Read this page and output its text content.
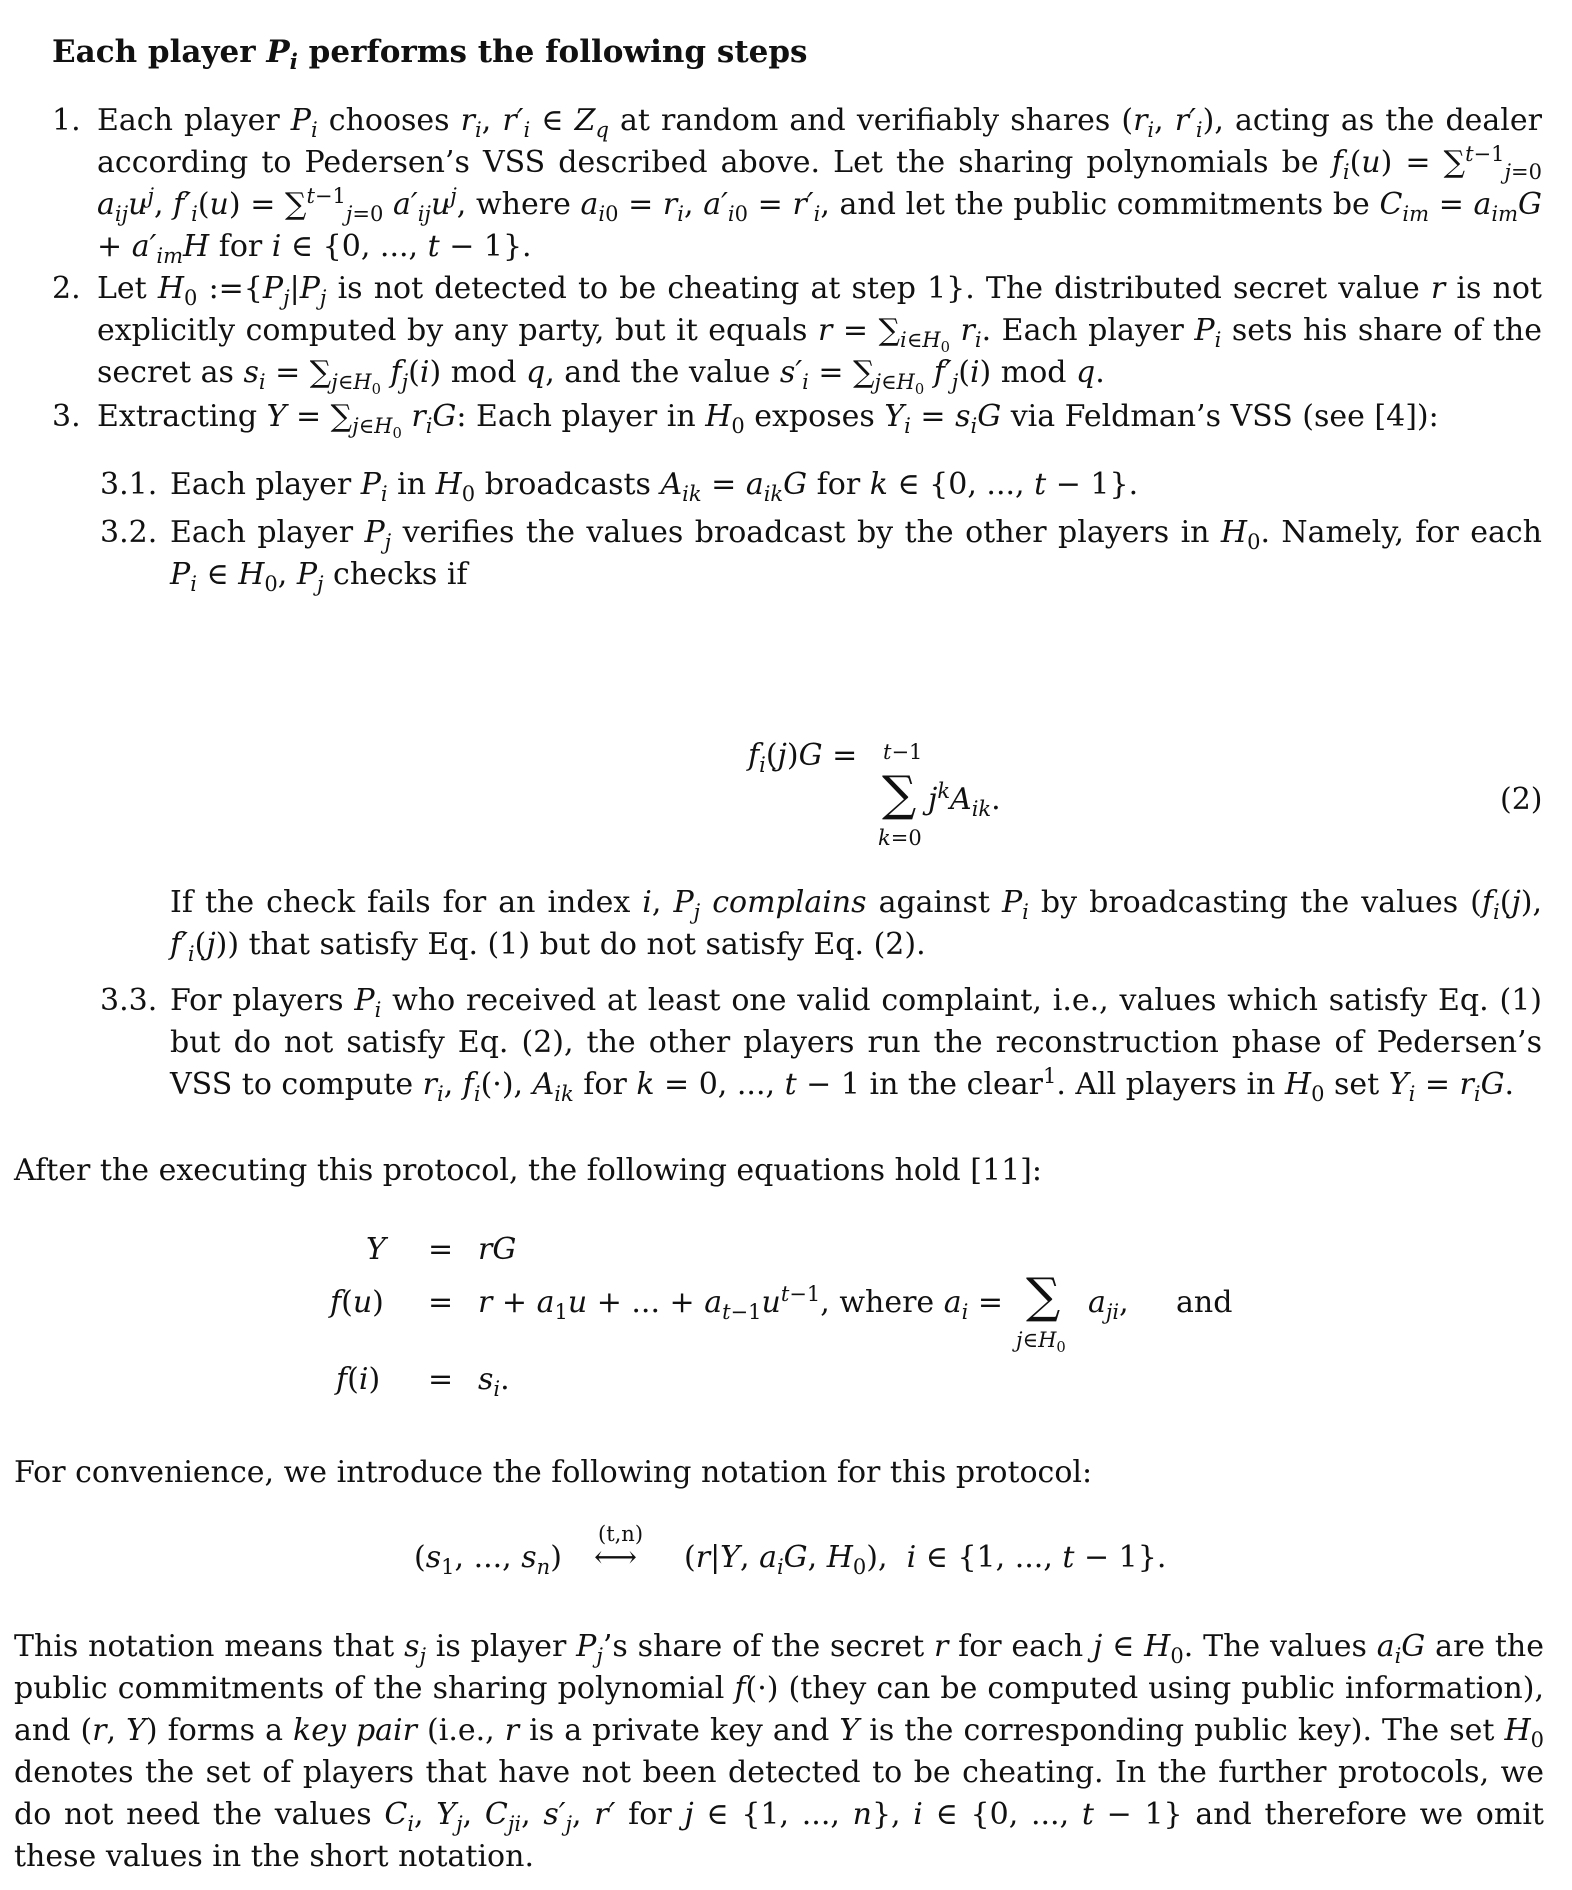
Each player $P_i$ performs the following steps
1. Each player $P_i$ chooses $r_i$, $r'_i$ ∈ $Z_q$ at random and verifiably shares ($r_i$, $r'_i$), acting as the dealer according to Pedersen’s VSS described above. Let the sharing polynomials be $f_i(u) = \sum^{t-1}_{j=0}$ $a_{ij}u^j$, $f'_i(u) = \sum^{t-1}_{j=0}$ $a'_{ij}u^j$, where $a_{i0} = r_i$, $a'_{i0} = r'_i$, and let the public commitments be $C_{im} = a_{im}G + a'_{im}H$ for i ∈ {0, ..., t − 1}.
2. Let $H_0$ $:=\{P_j|P_j$ is not detected to be cheating at step 1}. The distributed secret value r is not explicitly computed by any party, but it equals $r = \sum_{i\in H_0}$ $r_i$. Each player $P_i$ sets his share of the secret as $s_i = \sum_{j\in H_0}$ $f_j(i)$ mod q, and the value $s'_i = \sum_{j\in H_0}$ $f'_j(i)$ mod q.
3. Extracting $Y = \sum_{j\in H_0}$ $r_iG$: Each player in $H_0$ exposes $Y_i = s_iG$ via Feldman’s VSS (see [4]):
3.1. Each player $P_i$ in $H_0$ broadcasts $A_{ik} = a_{ik}G$ for k ∈ {0, ..., t − 1}.
3.2. Each player $P_j$ verifies the values broadcast by the other players in $H_0$. Namely, for each $P_i$ ∈ $H_0$, $P_j$ checks if
$f_i(j)G = t-1$
∑
k=0
$j^kA_{ik}$.	(2)
If the check fails for an index i, $P_j$ complains against $P_i$ by broadcasting the values ($f_i(j)$, $f'_i(j)$) that satisfy Eq. (1) but do not satisfy Eq. (2).
3.3. For players $P_i$ who received at least one valid complaint, i.e., values which satisfy Eq. (1) but do not satisfy Eq. (2), the other players run the reconstruction phase of Pedersen’s VSS to compute $r_i$, $f_i(\cdot)$, $A_{ik}$ for k = 0, ..., t − 1 in the clear$^1$. All players in $H_0$ set $Y_i = r_iG$.
After the executing this protocol, the following equations hold [11]:
Y = rG
$f(u) = r + a_1u$ + ... + $a_{t-1}u^{t-1}$, where $a_i$ = ∑
$j\in H_0$
$a_{ji}$, and
$f(i) = s_i$.
For convenience, we introduce the following notation for this protocol:
($s_1$, ..., $s_n$)
(t,n)
⟷ (r|Y, $a_iG$, $H_0$),  i ∈ {1, ..., t − 1}.
This notation means that $s_j$ is player $P_j’s$ share of the secret r for each j ∈ $H_0$. The values $a_iG$ are the public commitments of the sharing polynomial f(·) (they can be computed using public information), and (r, Y) forms a key pair (i.e., r is a private key and Y is the corresponding public key). The set $H_0$ denotes the set of players that have not been detected to be cheating. In the further protocols, we do not need the values $C_i$, $Y_j$, $C_{ji}$, $s'_j$, r′ for j ∈ {1, ..., n}, i ∈ {0, ..., t − 1} and therefore we omit these values in the short notation.
